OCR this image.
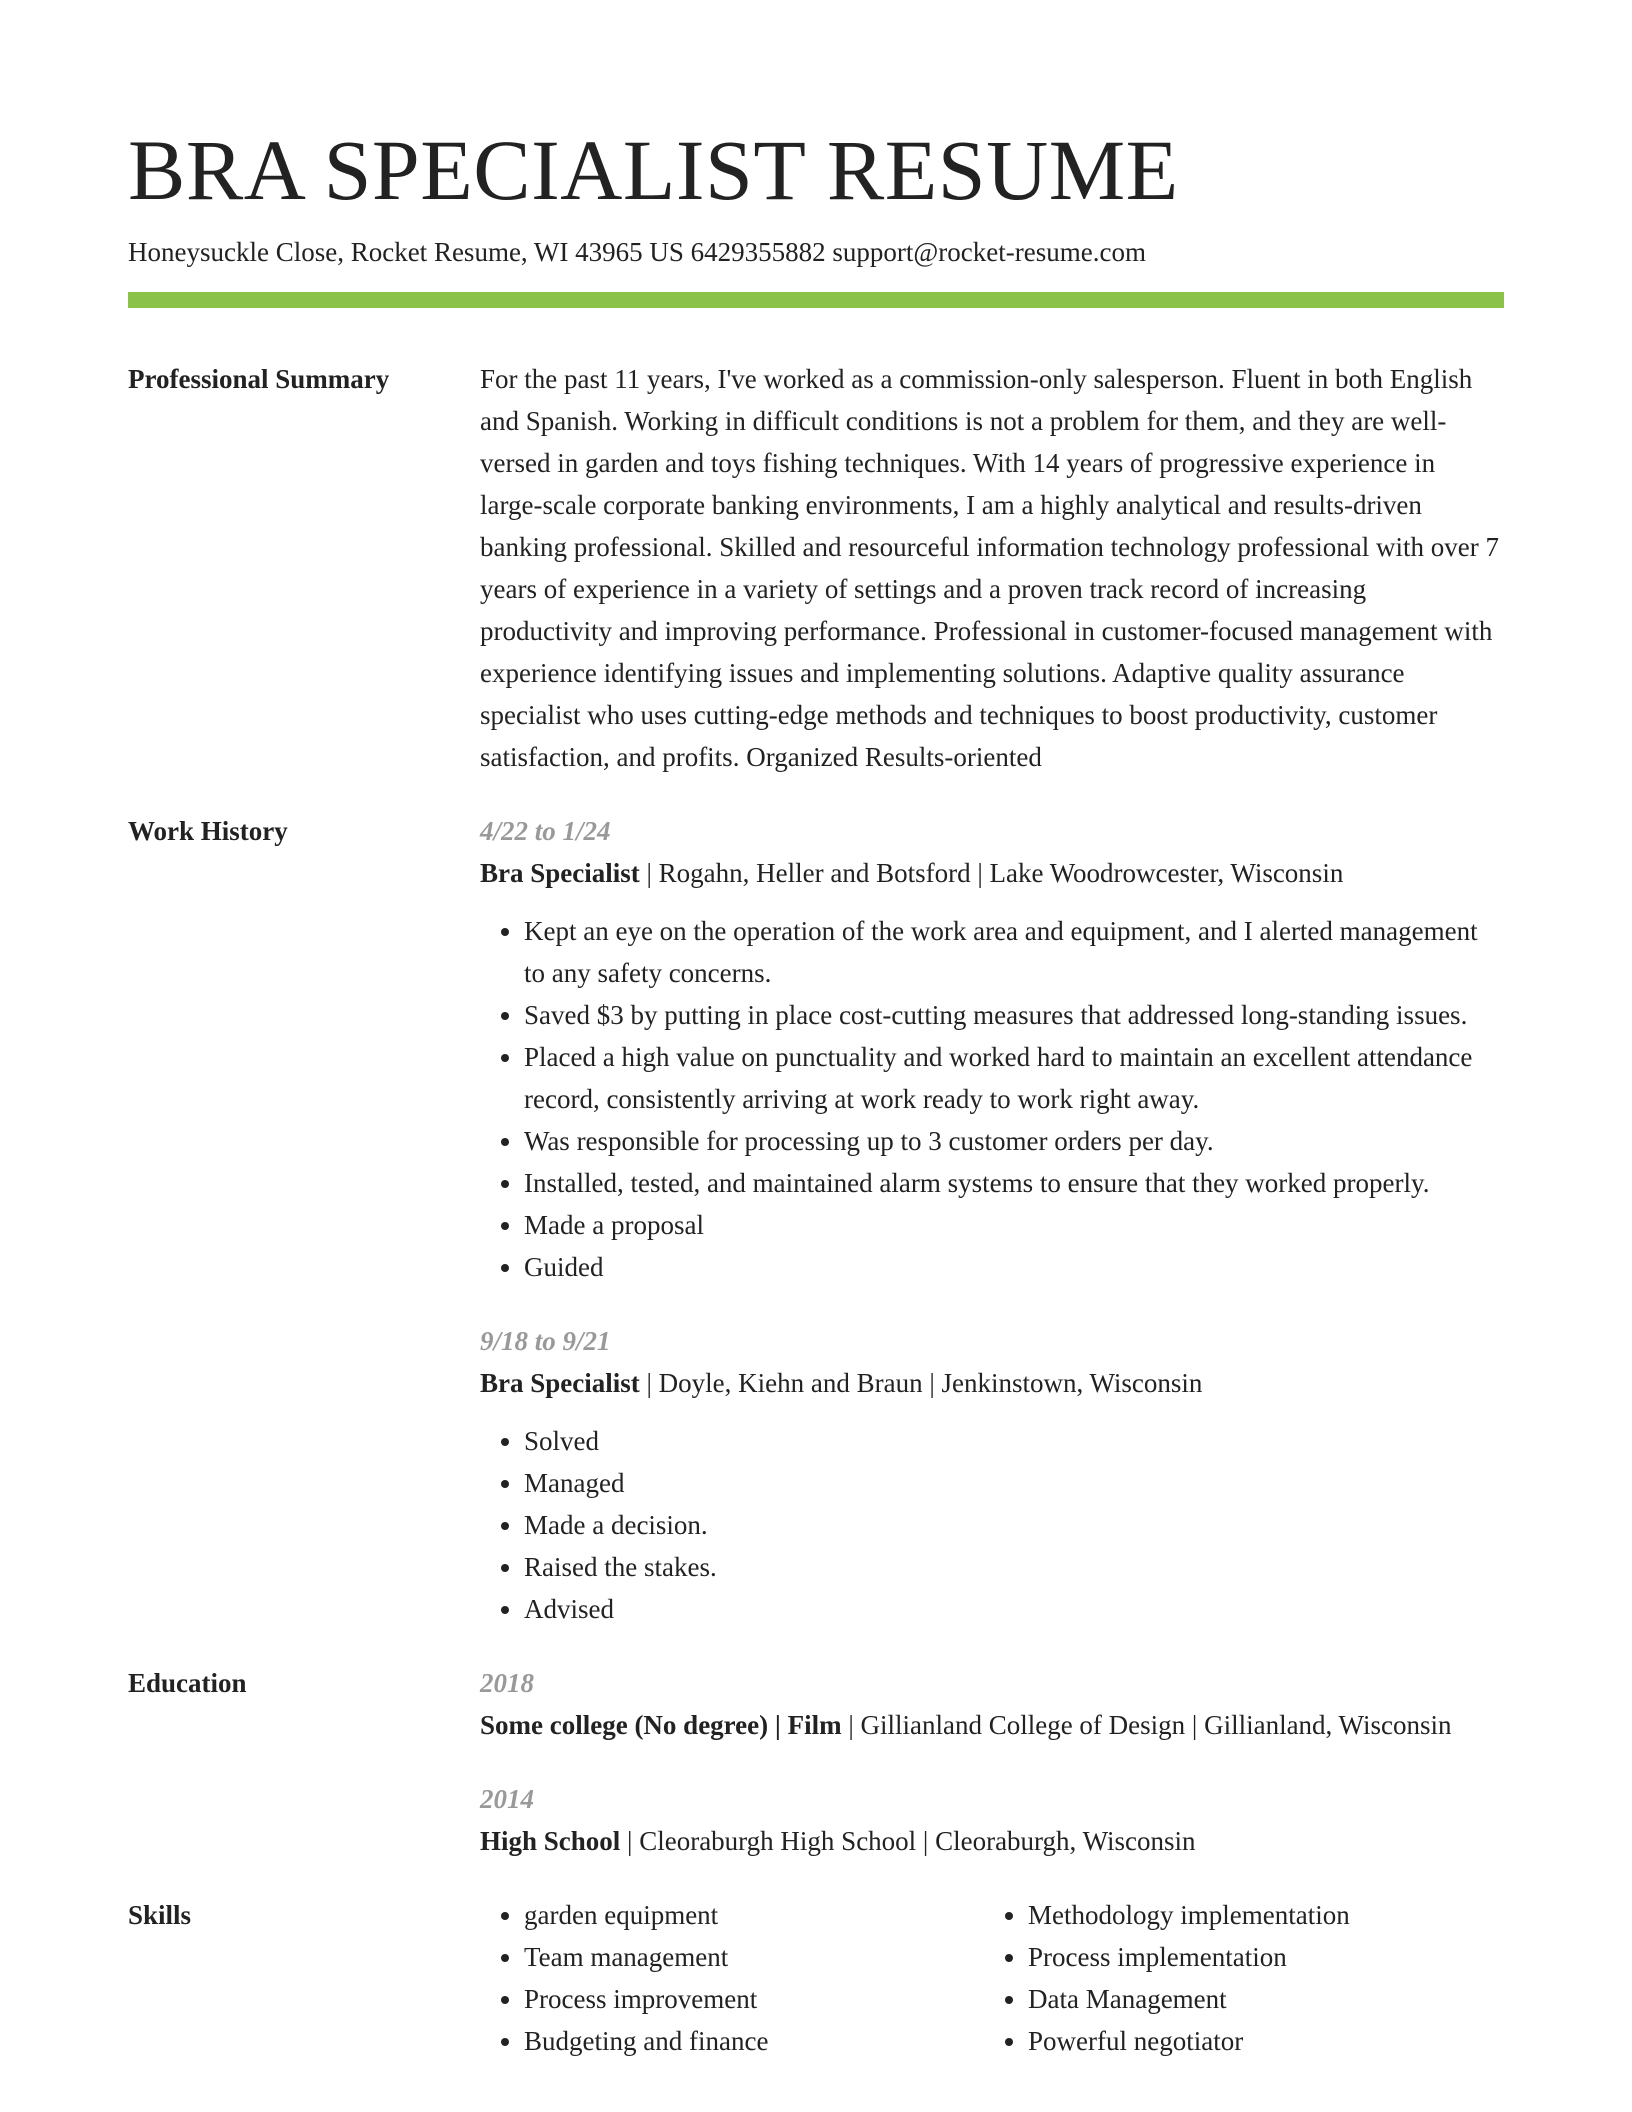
BRA SPECIALIST RESUME
Honeysuckle Close, Rocket Resume, WI 43965 US 6429355882 support@rocket-resume.com
Professional Summary	For the past 11 years, I've worked as a commission-only salesperson. Fluent in both English and Spanish. Working in difficult conditions is not a problem for them, and they are well-versed in garden and toys fishing techniques. With 14 years of progressive experience in large-scale corporate banking environments, I am a highly analytical and results-driven banking professional. Skilled and resourceful information technology professional with over 7 years of experience in a variety of settings and a proven track record of increasing productivity and improving performance. Professional in customer-focused management with experience identifying issues and implementing solutions. Adaptive quality assurance specialist who uses cutting-edge methods and techniques to boost productivity, customer satisfaction, and profits. Organized Results-oriented
Work History	4/22 to 1/24
Bra Specialist | Rogahn, Heller and Botsford | Lake Woodrowcester, Wisconsin
• Kept an eye on the operation of the work area and equipment, and I alerted management to any safety concerns.
• Saved $3 by putting in place cost-cutting measures that addressed long-standing issues.
• Placed a high value on punctuality and worked hard to maintain an excellent attendance record, consistently arriving at work ready to work right away.
• Was responsible for processing up to 3 customer orders per day.
• Installed, tested, and maintained alarm systems to ensure that they worked properly.
• Made a proposal
• Guided
9/18 to 9/21
Bra Specialist | Doyle, Kiehn and Braun | Jenkinstown, Wisconsin
• Solved
• Managed
• Made a decision.
• Raised the stakes.
• Advised
Education	2018
Some college (No degree) | Film | Gillianland College of Design | Gillianland, Wisconsin
2014
High School | Cleoraburgh High School | Cleoraburgh, Wisconsin
Skills
•	garden equipment
• Team management
• Process improvement
• Budgeting and finance
• Methodology implementation
• Process implementation
• Data Management
• Powerful negotiator
